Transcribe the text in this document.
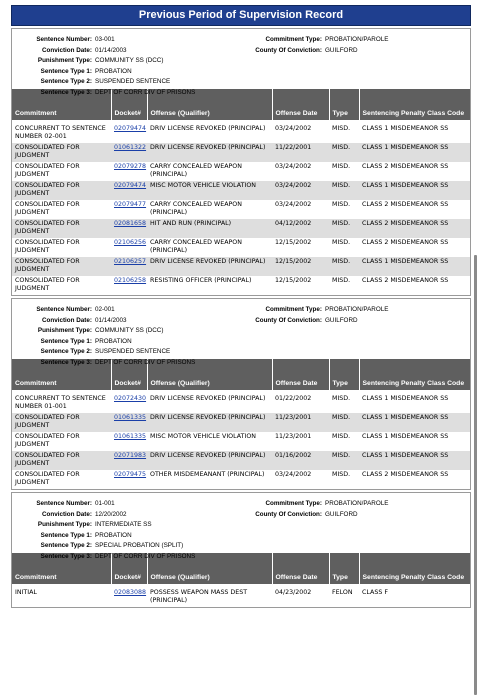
Previous Period of Supervision Record
Sentence Number: 03-001
Conviction Date: 01/14/2003
Punishment Type: COMMUNITY SS (DCC)
Sentence Type 1: PROBATION
Sentence Type 2: SUSPENDED SENTENCE
Sentence Type 3: DEPT OF CORR DIV OF PRISONS
Commitment Type: PROBATION/PAROLE
County Of Conviction: GUILFORD
Commitment	Docket#	Offense (Qualifier)	Offense Date	Type	Sentencing Penalty Class Code

CONCURRENT TO SENTENCE NUMBER 02-001	02079474	DRIV LICENSE REVOKED (PRINCIPAL)	03/24/2002	MISD.	CLASS 1 MISDEMEANOR SS
CONSOLIDATED FOR JUDGMENT	01061322	DRIV LICENSE REVOKED (PRINCIPAL)	11/22/2001	MISD.	CLASS 1 MISDEMEANOR SS
CONSOLIDATED FOR JUDGMENT	02079278	CARRY CONCEALED WEAPON (PRINCIPAL)	03/24/2002	MISD.	CLASS 2 MISDEMEANOR SS
CONSOLIDATED FOR JUDGMENT	02079474	MISC MOTOR VEHICLE VIOLATION	03/24/2002	MISD.	CLASS 1 MISDEMEANOR SS
CONSOLIDATED FOR JUDGMENT	02079477	CARRY CONCEALED WEAPON (PRINCIPAL)	03/24/2002	MISD.	CLASS 2 MISDEMEANOR SS
CONSOLIDATED FOR JUDGMENT	02081658	HIT AND RUN (PRINCIPAL)	04/12/2002	MISD.	CLASS 2 MISDEMEANOR SS
CONSOLIDATED FOR JUDGMENT	02106256	CARRY CONCEALED WEAPON (PRINCIPAL)	12/15/2002	MISD.	CLASS 2 MISDEMEANOR SS
CONSOLIDATED FOR JUDGMENT	02106257	DRIV LICENSE REVOKED (PRINCIPAL)	12/15/2002	MISD.	CLASS 1 MISDEMEANOR SS
CONSOLIDATED FOR JUDGMENT	02106258	RESISTING OFFICER (PRINCIPAL)	12/15/2002	MISD.	CLASS 2 MISDEMEANOR SS
Sentence Number: 02-001
Conviction Date: 01/14/2003
Punishment Type: COMMUNITY SS (DCC)
Sentence Type 1: PROBATION
Sentence Type 2: SUSPENDED SENTENCE
Sentence Type 3: DEPT OF CORR DIV OF PRISONS
Commitment Type: PROBATION/PAROLE
County Of Conviction: GUILFORD
Commitment	Docket#	Offense (Qualifier)	Offense Date	Type	Sentencing Penalty Class Code

CONCURRENT TO SENTENCE NUMBER 01-001	02072430	DRIV LICENSE REVOKED (PRINCIPAL)	01/22/2002	MISD.	CLASS 1 MISDEMEANOR SS
CONSOLIDATED FOR JUDGMENT	01061335	DRIV LICENSE REVOKED (PRINCIPAL)	11/23/2001	MISD.	CLASS 1 MISDEMEANOR SS
CONSOLIDATED FOR JUDGMENT	01061335	MISC MOTOR VEHICLE VIOLATION	11/23/2001	MISD.	CLASS 1 MISDEMEANOR SS
CONSOLIDATED FOR JUDGMENT	02071983	DRIV LICENSE REVOKED (PRINCIPAL)	01/16/2002	MISD.	CLASS 1 MISDEMEANOR SS
CONSOLIDATED FOR JUDGMENT	02079475	OTHER MISDEMEANANT (PRINCIPAL)	03/24/2002	MISD.	CLASS 2 MISDEMEANOR SS
Sentence Number: 01-001
Conviction Date: 12/20/2002
Punishment Type: INTERMEDIATE SS
Sentence Type 1: PROBATION
Sentence Type 2: SPECIAL PROBATION (SPLIT)
Sentence Type 3: DEPT OF CORR DIV OF PRISONS
Commitment Type: PROBATION/PAROLE
County Of Conviction: GUILFORD
Commitment	Docket#	Offense (Qualifier)	Offense Date	Type	Sentencing Penalty Class Code

INITIAL	02083088	POSSESS WEAPON MASS DEST (PRINCIPAL)	04/23/2002	FELON	CLASS F
